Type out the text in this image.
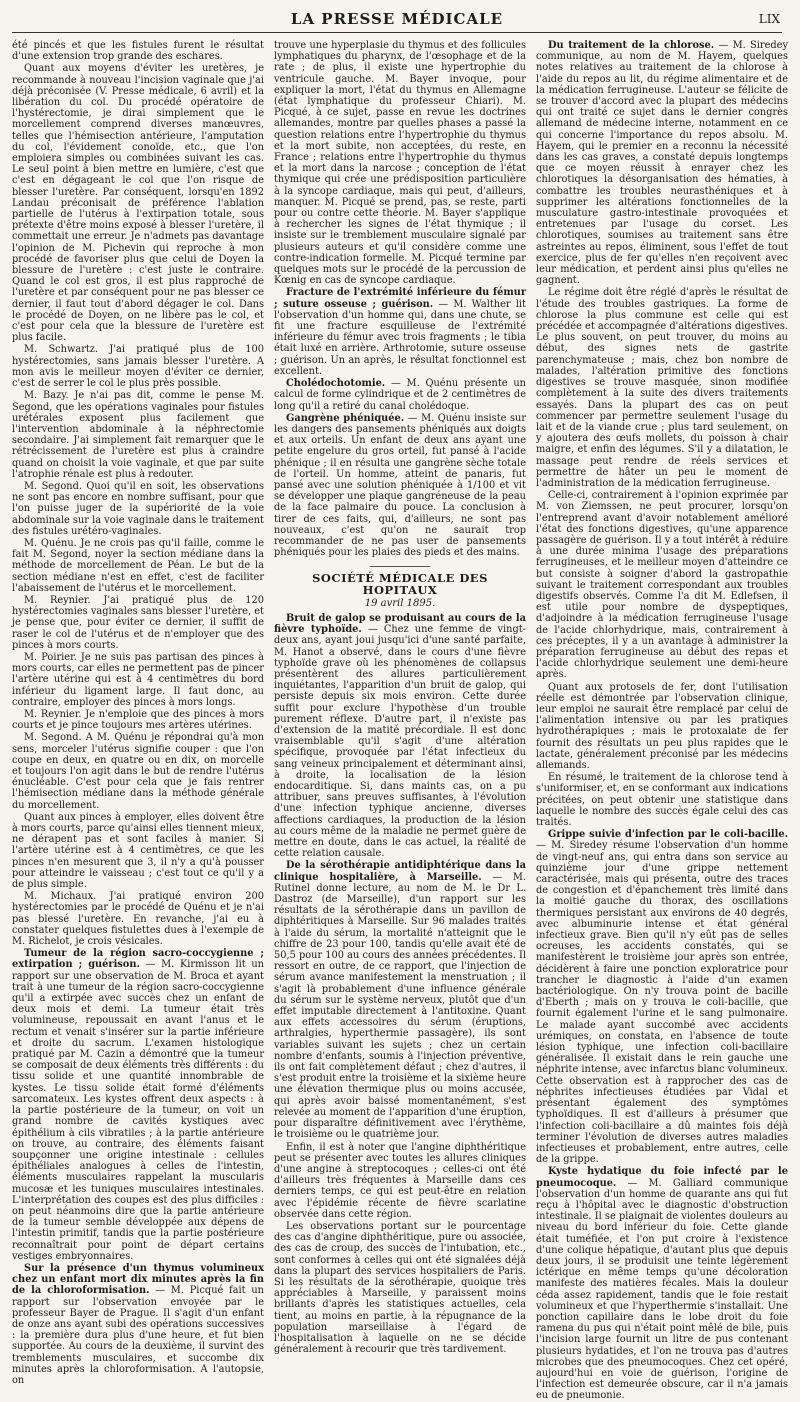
LA PRESSE MÉDICALE	LIX

été pincés et que les fistules furent le résultat d'une extension trop grande des eschares.

Quant aux moyens d'éviter les uretères, je recommande à nouveau l'incision vaginale que j'ai déjà préconisée (V. Presse médicale, 6 avril) et la libération du col. Du procédé opératoire de l'hystérectomie, je dirai simplement que le morcellement comprend diverses manœuvres, telles que l'hémisection antérieure, l'amputation du col, l'évidement conoïde, etc., que l'on emploiera simples ou combinées suivant les cas. Le seul point à bien mettre en lumière, c'est que c'est en dégageant le col que l'on risque de blesser l'uretère. Par conséquent, lorsqu'en 1892 Landau préconisait de préférence l'ablation partielle de l'utérus à l'extirpation totale, sous prétexte d'être moins exposé à blesser l'uretère, il commettait une erreur. Je n'admets pas davantage l'opinion de M. Pichevin qui reproche à mon procédé de favoriser plus que celui de Doyen la blessure de l'uretère : c'est juste le contraire. Quand le col est gros, il est plus rapproché de l'uretère et par conséquent pour ne pas blesser ce dernier, il faut tout d'abord dégager le col. Dans le procédé de Doyen, on ne libère pas le col, et c'est pour cela que la blessure de l'uretère est plus facile.

M. Schwartz. J'ai pratiqué plus de 100 hystérectomies, sans jamais blesser l'uretère. A mon avis le meilleur moyen d'éviter ce dernier, c'est de serrer le col le plus près possible.

M. Bazy. Je n'ai pas dit, comme le pense M. Segond, que les opérations vaginales pour fistules urétérales exposent plus facilement que l'intervention abdominale à la néphrectomie secondaire. J'ai simplement fait remarquer que le rétrécissement de l'uretère est plus à craindre quand on choisit la voie vaginale, et que par suite l'atrophie rénale est plus à redouter.

M. Segond. Quoi qu'il en soit, les observations ne sont pas encore en nombre suffisant, pour que l'on puisse juger de la supériorité de la voie abdominale sur la voie vaginale dans le traitement des fistules urétéro-vaginales.

M. Quénu. Je ne crois pas qu'il faille, comme le fait M. Segond, noyer la section médiane dans la méthode de morcellement de Péan. Le but de la section médiane n'est en effet, c'est de faciliter l'abaissement de l'utérus et le morcellement.

M. Reynier. J'ai pratiqué plus de 120 hystérectomies vaginales sans blesser l'uretère, et je pense que, pour éviter ce dernier, il suffit de raser le col de l'utérus et de n'employer que des pinces à mors courts.

M. Poirier. Je ne suis pas partisan des pinces à mors courts, car elles ne permettent pas de pincer l'artère utérine qui est à 4 centimètres du bord inférieur du ligament large. Il faut donc, au contraire, employer des pinces à mors longs.

M. Reynier. Je n'emploie que des pinces à mors courts et je pince toujours mes artères utérines.

M. Segond. A M. Quénu je répondrai qu'à mon sens, morceler l'utérus signifie couper : que l'on coupe en deux, en quatre ou en dix, on morcelle et toujours l'on agit dans le but de rendre l'utérus énucléable. C'est pour cela que je fais rentrer l'hémisection médiane dans la méthode générale du morcellement.

Quant aux pinces à employer, elles doivent être à mors courts, parce qu'ainsi elles tiennent mieux, ne dérapent pas et sont faciles à manier. Si l'artère utérine est à 4 centimètres, ce que les pinces n'en mesurent que 3, il n'y a qu'à pousser pour atteindre le vaisseau ; c'est tout ce qu'il y a de plus simple.

M. Michaux. J'ai pratiqué environ 200 hystérectomies par le procédé de Quénu et je n'ai pas blessé l'uretère. En revanche, j'ai eu à constater quelques fistulettes dues à l'exemple de M. Richelot, je crois vésicales.

Tumeur de la région sacro-coccygienne ; extirpation ; guérison. — M. Kirmisson lit un rapport sur une observation de M. Broca et ayant trait à une tumeur de la région sacro-coccygienne qu'il a extirpée avec succès chez un enfant de deux mois et demi. La tumeur était très volumineuse, repoussait en avant l'anus et le rectum et venait s'insérer sur la partie inférieure et droite du sacrum. L'examen histologique pratiqué par M. Cazin a démontré que la tumeur se composait de deux éléments très différents : du tissu solide et une quantité innombrable de kystes. Le tissu solide était formé d'éléments sarcomateux. Les kystes offrent deux aspects : à la partie postérieure de la tumeur, on voit un grand nombre de cavités kystiques avec épithélium à cils vibratiles ; à la partie antérieure on trouve, au contraire, des éléments faisant soupçonner une origine intestinale : cellules épithéliales analogues à celles de l'intestin, éléments musculaires rappelant la muscularis mucosæ et les tuniques musculaires intestinales. L'interprétation des coupes est des plus difficiles : on peut néanmoins dire que la partie antérieure de la tumeur semble développée aux dépens de l'intestin primitif, tandis que la partie postérieure reconnaîtrait pour point de départ certains vestiges embryonnaires.

Sur la présence d'un thymus volumineux chez un enfant mort dix minutes après la fin de la chloroformisation. — M. Picqué fait un rapport sur l'observation envoyée par le professeur Bayer de Prague. Il s'agit d'un enfant de onze ans ayant subi des opérations successives : la première dura plus d'une heure, et fut bien supportée. Au cours de la deuxième, il survint des tremblements musculaires, et succombe dix minutes après la chloroformisation. A l'autopsie, on

trouve une hyperplasie du thymus et des follicules lymphatiques du pharynx, de l'œsophage et de la rate ; de plus, il existe une hypertrophie du ventricule gauche. M. Bayer invoque, pour expliquer la mort, l'état du thymus en Allemagne (état lymphatique du professeur Chiari). M. Picqué, à ce sujet, passe en revue les doctrines allemandes, montre par quelles phases a passé la question relations entre l'hypertrophie du thymus et la mort subite, non acceptées, du reste, en France ; relations entre l'hypertrophie du thymus et la mort dans la narcose ; conception de l'état thymique qui crée une prédisposition particulière à la syncope cardiaque, mais qui peut, d'ailleurs, manquer. M. Picqué se prend, pas, se reste, parti pour ou contre cette théorie. M. Bayer s'applique à rechercher les signes de l'état thymique ; il insiste sur le tremblement musculaire signalé par plusieurs auteurs et qu'il considère comme une contre-indication formelle. M. Picqué termine par quelques mots sur le procédé de la percussion de Kœnig en cas de syncope cardiaque.

Fracture de l'extrémité inférieure du fémur ; suture osseuse ; guérison. — M. Walther lit l'observation d'un homme qui, dans une chute, se fit une fracture esquilleuse de l'extrémité inférieure du fémur avec trois fragments ; le tibia était luxé en arrière. Arthrotomie, suture osseuse ; guérison. Un an après, le résultat fonctionnel est excellent.

Cholédochotomie. — M. Quénu présente un calcul de forme cylindrique et de 2 centimètres de long qu'il a retiré du canal cholédoque.

Gangrène phéniquée. — M. Quénu insiste sur les dangers des pansements phéniqués aux doigts et aux orteils. Un enfant de deux ans ayant une petite engelure du gros orteil, fut pansé à l'acide phénique ; il en résulta une gangrène sèche totale de l'orteil. Un homme, atteint de panaris, fut pansé avec une solution phéniquée à 1/100 et vit se développer une plaque gangréneuse de la peau de la face palmaire du pouce. La conclusion à tirer de ces faits, qui, d'ailleurs, ne sont pas nouveaux, c'est qu'on ne saurait trop recommander de ne pas user de pansements phéniqués pour les plaies des pieds et des mains.

SOCIÉTÉ MÉDICALE DES HOPITAUX
19 avril 1895.

Bruit de galop se produisant au cours de la fièvre typhoïde. — Chez une femme de vingt-deux ans, ayant joui jusqu'ici d'une santé parfaite, M. Hanot a observé, dans le cours d'une fièvre typhoïde grave où les phénomènes de collapsus présentèrent des allures particulièrement inquiétantes, l'apparition d'un bruit de galop, qui persiste depuis six mois environ. Cette durée suffit pour exclure l'hypothèse d'un trouble purement réflexe. D'autre part, il n'existe pas d'extension de la matité précordiale. Il est donc vraisemblable qu'il s'agit d'une altération spécifique, provoquée par l'état infectieux du sang veineux principalement et déterminant ainsi, à droite, la localisation de la lésion endocarditique. Si, dans maints cas, on a pu attribuer, sans preuves suffisantes, à l'évolution d'une infection typhique ancienne, diverses affections cardiaques, la production de la lésion au cours même de la maladie ne permet guère de mettre en doute, dans le cas actuel, la réalité de cette relation causale.

De la sérothérapie antidiphtérique dans la clinique hospitalière, à Marseille. — M. Rutinel donne lecture, au nom de M. le Dr L. Dastroz (de Marseille), d'un rapport sur les résultats de la sérothérapie dans un pavillon de diphtéritiques à Marseille. Sur 96 malades traités à l'aide du sérum, la mortalité n'atteignit que le chiffre de 23 pour 100, tandis qu'elle avait été de 50,5 pour 100 au cours des années précédentes. Il ressort en outre, de ce rapport, que l'injection de sérum avance manifestement la menstruation ; il s'agit là probablement d'une influence générale du sérum sur le système nerveux, plutôt que d'un effet imputable directement à l'antitoxine. Quant aux effets accessoires du sérum (éruptions, arthralgies, hyperthermie passagère), ils sont variables suivant les sujets ; chez un certain nombre d'enfants, soumis à l'injection préventive, ils ont fait complètement défaut ; chez d'autres, il s'est produit entre la troisième et la sixième heure une élévation thermique plus ou moins accusée, qui après avoir baissé momentanément, s'est relevée au moment de l'apparition d'une éruption, pour disparaître définitivement avec l'érythème, le troisième ou le quatrième jour.

Enfin, il est à noter que l'angine diphthéritique peut se présenter avec toutes les allures cliniques d'une angine à streptocoques ; celles-ci ont été d'ailleurs très fréquentes à Marseille dans ces derniers temps, ce qui est peut-être en relation avec l'épidémie récente de fièvre scarlatine observée dans cette région.

Les observations portant sur le pourcentage des cas d'angine diphthéritique, pure ou associée, des cas de croup, des succès de l'intubation, etc., sont conformes à celles qui ont été signalées déjà dans la plupart des services hospitaliers de Paris. Si les résultats de la sérothérapie, quoique très appréciables à Marseille, y paraissent moins brillants d'après les statistiques actuelles, cela tient, au moins en partie, à la répugnance de la population marseillaise à l'égard de l'hospitalisation à laquelle on ne se décide généralement à recourir que très tardivement.

Du traitement de la chlorose. — M. Siredey communique, au nom de M. Hayem, quelques notes relatives au traitement de la chlorose à l'aide du repos au lit, du régime alimentaire et de la médication ferrugineuse. L'auteur se félicite de se trouver d'accord avec la plupart des médecins qui ont traité ce sujet dans le dernier congrès allemand de médecine interne, notamment en ce qui concerne l'importance du repos absolu. M. Hayem, qui le premier en a reconnu la nécessité dans les cas graves, a constaté depuis longtemps que ce moyen réussit à enrayer chez les chlorotiques la désorganisation des hématies, à combattre les troubles neurasthéniques et à supprimer les altérations fonctionnelles de la musculature gastro-intestinale provoquées et entretenues par l'usage du corset. Les chlorotiques, soumises au traitement sans être astreintes au repos, éliminent, sous l'effet de tout exercice, plus de fer qu'elles n'en reçoivent avec leur médication, et perdent ainsi plus qu'elles ne gagnent.

Le régime doit être réglé d'après le résultat de l'étude des troubles gastriques. La forme de chlorose la plus commune est celle qui est précédée et accompagnée d'altérations digestives. Le plus souvent, on peut trouver, du moins au début, des signes nets de gastrite parenchymateuse ; mais, chez bon nombre de malades, l'altération primitive des fonctions digestives se trouve masquée, sinon modifiée complètement à la suite des divers traitements essayés. Dans la plupart des cas on peut commencer par permettre seulement l'usage du lait et de la viande crue ; plus tard seulement, on y ajoutera des œufs mollets, du poisson à chair maigre, et enfin des légumes. S'il y a dilatation, le massage peut rendre de réels services et permettre de hâter un peu le moment de l'administration de la médication ferrugineuse.

Celle-ci, contrairement à l'opinion exprimée par M. von Ziemssen, ne peut procurer, lorsqu'on l'entreprend avant d'avoir notablement amélioré l'état des fonctions digestives, qu'une apparence passagère de guérison. Il y a tout intérêt à réduire à une durée minima l'usage des préparations ferrugineuses, et le meilleur moyen d'atteindre ce but consiste à soigner d'abord la gastropathie suivant le traitement correspondant aux troubles digestifs observés. Comme l'a dit M. Edlefsen, il est utile pour nombre de dyspeptiques, d'adjoindre à la médication ferrugineuse l'usage de l'acide chlorhydrique, mais, contrairement à ces préceptes, il y a un avantage à administrer la préparation ferrugineuse au début des repas et l'acide chlorhydrique seulement une demi-heure après.

Quant aux protosels de fer, dont l'utilisation réelle est démontrée par l'observation clinique, leur emploi ne saurait être remplacé par celui de l'alimentation intensive ou par les pratiques hydrothérapiques ; mais le protoxalate de fer fournit des résultats un peu plus rapides que le lactate, généralement préconisé par les médecins allemands.

En résumé, le traitement de la chlorose tend à s'uniformiser, et, en se conformant aux indications précitées, on peut obtenir une statistique dans laquelle le nombre des succès égale celui des cas traités.

Grippe suivie d'infection par le coli-bacille. — M. Siredey résume l'observation d'un homme de vingt-neuf ans, qui entra dans son service au quinzième jour d'une grippe nettement caractérisée, mais qui présenta, outre des traces de congestion et d'épanchement très limité dans la moitié gauche du thorax, des oscillations thermiques persistant aux environs de 40 degrés, avec albuminurie intense et état général infectieux grave. Bien qu'il n'y eût pas de selles ocreuses, les accidents constatés, qui se manifestèrent le troisième jour après son entrée, décidèrent à faire une ponction exploratrice pour trancher le diagnostic à l'aide d'un examen bactériologique. On n'y trouva point de bacille d'Eberth ; mais on y trouva le coli-bacille, que fournit également l'urine et le sang pulmonaire. Le malade ayant succombé avec accidents urémiques, on constata, en l'absence de toute lésion typhique, une infection coli-bacillaire généralisée. Il existait dans le rein gauche une néphrite intense, avec infarctus blanc volumineux. Cette observation est à rapprocher des cas de néphrites infectieuses étudiées par Vidal et présentant également des symptômes typhoïdiques. Il est d'ailleurs à présumer que l'infection coli-bacillaire a dû maintes fois déjà terminer l'évolution de diverses autres maladies infectieuses et probablement, entre autres, celle de la grippe.

Kyste hydatique du foie infecté par le pneumocoque. — M. Galliard communique l'observation d'un homme de quarante ans qui fut reçu à l'hôpital avec le diagnostic d'obstruction intestinale. Il se plaignait de violentes douleurs au niveau du bord inférieur du foie. Cette glande était tuméfiée, et l'on put croire à l'existence d'une colique hépatique, d'autant plus que depuis deux jours, il se produisit une teinte légèrement ictérique en même temps qu'une décoloration manifeste des matières fécales. Mais la douleur céda assez rapidement, tandis que le foie restait volumineux et que l'hyperthermie s'installait. Une ponction capillaire dans le lobe droit du foie ramena du pus qui n'était point mêlé de bile, puis l'incision large fournit un litre de pus contenant plusieurs hydatides, et l'on ne trouva pas d'autres microbes que des pneumocoques. Chez cet opéré, aujourd'hui en voie de guérison, l'origine de l'infection est demeurée obscure, car il n'a jamais eu de pneumonie.
